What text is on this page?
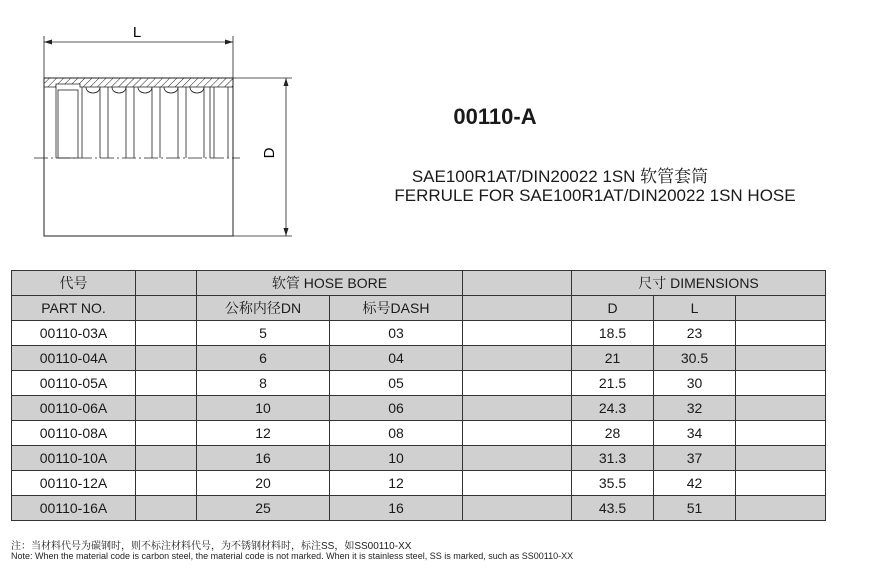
L
D
00110-A
SAE100R1AT/DIN20022 1SN 软管套筒
FERRULE FOR SAE100R1AT/DIN20022 1SN HOSE
代号		软管 HOSE BORE			尺寸 DIMENSIONS		
PART NO.		公称内径DN	标号DASH		D	L	
00110-03A		5	03		18.5	23	
00110-04A		6	04		21	30.5	
00110-05A		8	05		21.5	30	
00110-06A		10	06		24.3	32	
00110-08A		12	08		28	34	
00110-10A		16	10		31.3	37	
00110-12A		20	12		35.5	42	
00110-16A		25	16		43.5	51	
注：当材料代号为碳钢时，则不标注材料代号，为不锈钢材料时，标注SS，如SS00110-XX
Note: When the material code is carbon steel, the material code is not marked. When it is stainless steel, SS is marked, such as SS00110-XX
